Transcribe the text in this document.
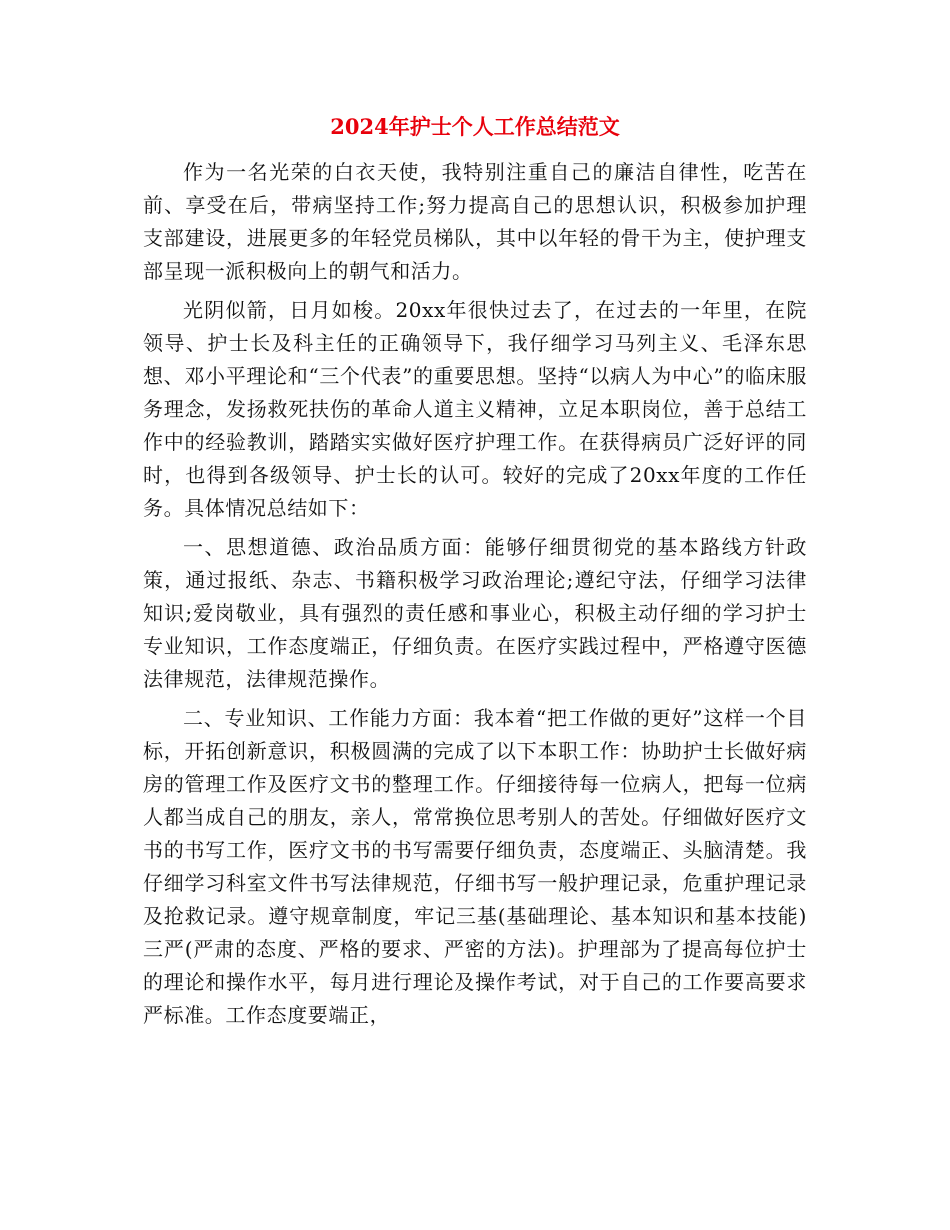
2024年护士个人工作总结范文

作为一名光荣的白衣天使，我特别注重自己的廉洁自律性，吃苦在前、享受在后，带病坚持工作;努力提高自己的思想认识，积极参加护理支部建设，进展更多的年轻党员梯队，其中以年轻的骨干为主，使护理支部呈现一派积极向上的朝气和活力。

光阴似箭，日月如梭。20xx年很快过去了，在过去的一年里，在院领导、护士长及科主任的正确领导下，我仔细学习马列主义、毛泽东思想、邓小平理论和“三个代表”的重要思想。坚持“以病人为中心”的临床服务理念，发扬救死扶伤的革命人道主义精神，立足本职岗位，善于总结工作中的经验教训，踏踏实实做好医疗护理工作。在获得病员广泛好评的同时，也得到各级领导、护士长的认可。较好的完成了20xx年度的工作任务。具体情况总结如下：

一、思想道德、政治品质方面：能够仔细贯彻党的基本路线方针政策，通过报纸、杂志、书籍积极学习政治理论;遵纪守法，仔细学习法律知识;爱岗敬业，具有强烈的责任感和事业心，积极主动仔细的学习护士专业知识，工作态度端正，仔细负责。在医疗实践过程中，严格遵守医德法律规范，法律规范操作。

二、专业知识、工作能力方面：我本着“把工作做的更好”这样一个目标，开拓创新意识，积极圆满的完成了以下本职工作：协助护士长做好病房的管理工作及医疗文书的整理工作。仔细接待每一位病人，把每一位病人都当成自己的朋友，亲人，常常换位思考别人的苦处。仔细做好医疗文书的书写工作，医疗文书的书写需要仔细负责，态度端正、头脑清楚。我仔细学习科室文件书写法律规范，仔细书写一般护理记录，危重护理记录及抢救记录。遵守规章制度，牢记三基(基础理论、基本知识和基本技能)三严(严肃的态度、严格的要求、严密的方法)。护理部为了提高每位护士的理论和操作水平，每月进行理论及操作考试，对于自己的工作要高要求严标准。工作态度要端正，
